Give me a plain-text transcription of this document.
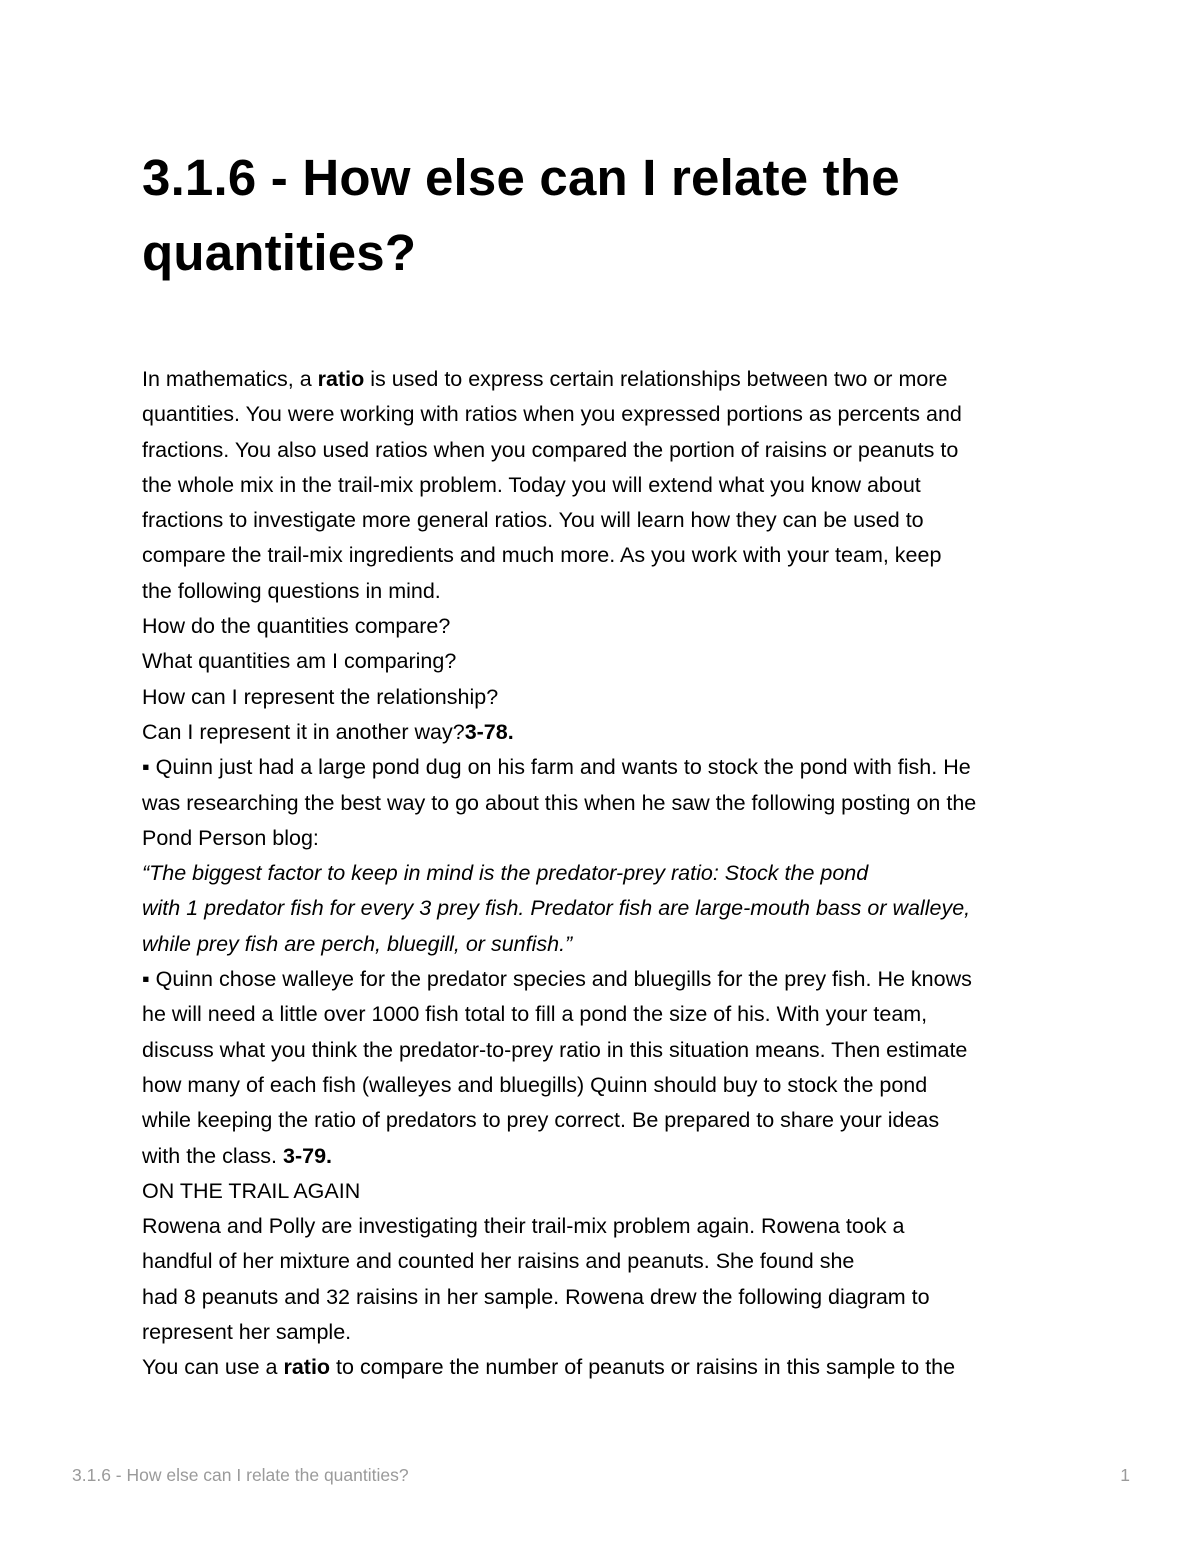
3.1.6 - How else can I relate the quantities?
In mathematics, a ratio is used to express certain relationships between two or more
quantities. You were working with ratios when you expressed portions as percents and
fractions. You also used ratios when you compared the portion of raisins or peanuts to
the whole mix in the trail-mix problem. Today you will extend what you know about
fractions to investigate more general ratios. You will learn how they can be used to
compare the trail-mix ingredients and much more. As you work with your team, keep
the following questions in mind.
How do the quantities compare?
What quantities am I comparing?
How can I represent the relationship?
Can I represent it in another way?3-78.
▪ Quinn just had a large pond dug on his farm and wants to stock the pond with fish. He
was researching the best way to go about this when he saw the following posting on the
Pond Person blog:
“The biggest factor to keep in mind is the predator-prey ratio: Stock the pond
with 1 predator fish for every 3 prey fish. Predator fish are large-mouth bass or walleye,
while prey fish are perch, bluegill, or sunfish.”
▪ Quinn chose walleye for the predator species and bluegills for the prey fish. He knows
he will need a little over 1000 fish total to fill a pond the size of his. With your team,
discuss what you think the predator-to-prey ratio in this situation means. Then estimate
how many of each fish (walleyes and bluegills) Quinn should buy to stock the pond
while keeping the ratio of predators to prey correct. Be prepared to share your ideas
with the class. 3-79.
ON THE TRAIL AGAIN
Rowena and Polly are investigating their trail-mix problem again. Rowena took a
handful of her mixture and counted her raisins and peanuts. She found she
had 8 peanuts and 32 raisins in her sample. Rowena drew the following diagram to
represent her sample.
You can use a ratio to compare the number of peanuts or raisins in this sample to the
3.1.6 - How else can I relate the quantities?	1
